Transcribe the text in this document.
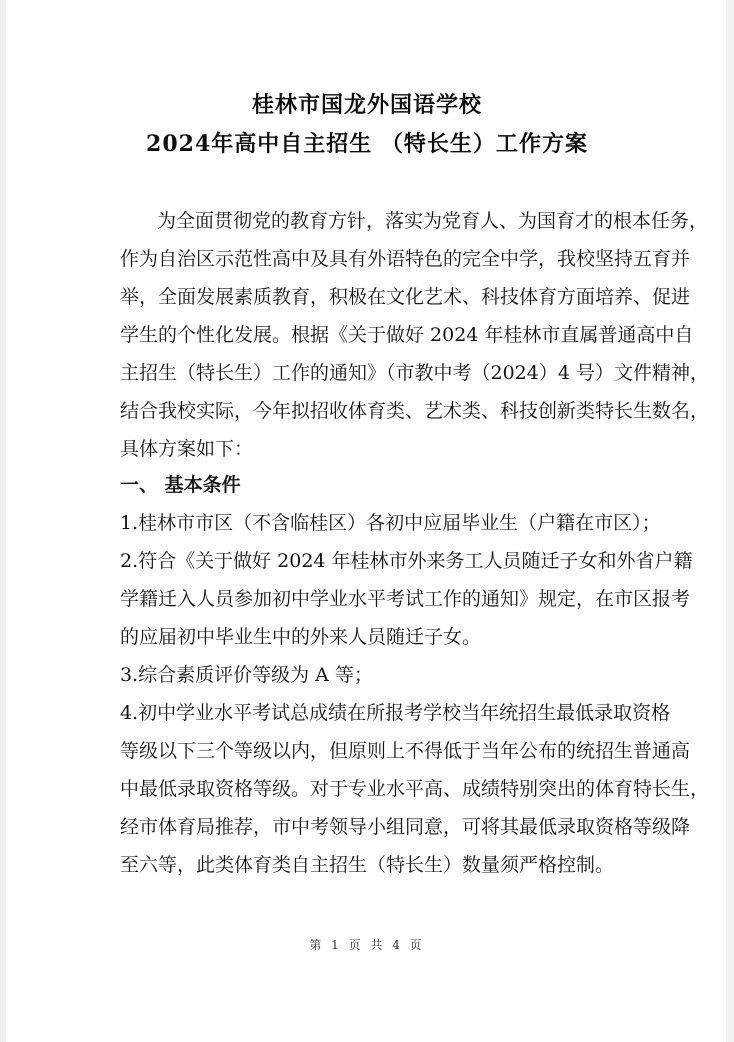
桂林市国龙外国语学校
2024年高中自主招生 （特长生）工作方案
为全面贯彻党的教育方针，落实为党育人、为国育才的根本任务，
作为自治区示范性高中及具有外语特色的完全中学，我校坚持五育并
举，全面发展素质教育，积极在文化艺术、科技体育方面培养、促进
学生的个性化发展。根据《关于做好 2024 年桂林市直属普通高中自
主招生（特长生）工作的通知》（市教中考（2024）4 号）文件精神，
结合我校实际，今年拟招收体育类、艺术类、科技创新类特长生数名，
具体方案如下：
一、 基本条件
1.桂林市市区（不含临桂区）各初中应届毕业生（户籍在市区）；
2.符合《关于做好 2024 年桂林市外来务工人员随迁子女和外省户籍
学籍迁入人员参加初中学业水平考试工作的通知》规定，在市区报考
的应届初中毕业生中的外来人员随迁子女。
3.综合素质评价等级为 A 等；
4.初中学业水平考试总成绩在所报考学校当年统招生最低录取资格
等级以下三个等级以内，但原则上不得低于当年公布的统招生普通高
中最低录取资格等级。对于专业水平高、成绩特别突出的体育特长生，
经市体育局推荐，市中考领导小组同意，可将其最低录取资格等级降
至六等，此类体育类自主招生（特长生）数量须严格控制。
第 1 页 共 4 页
